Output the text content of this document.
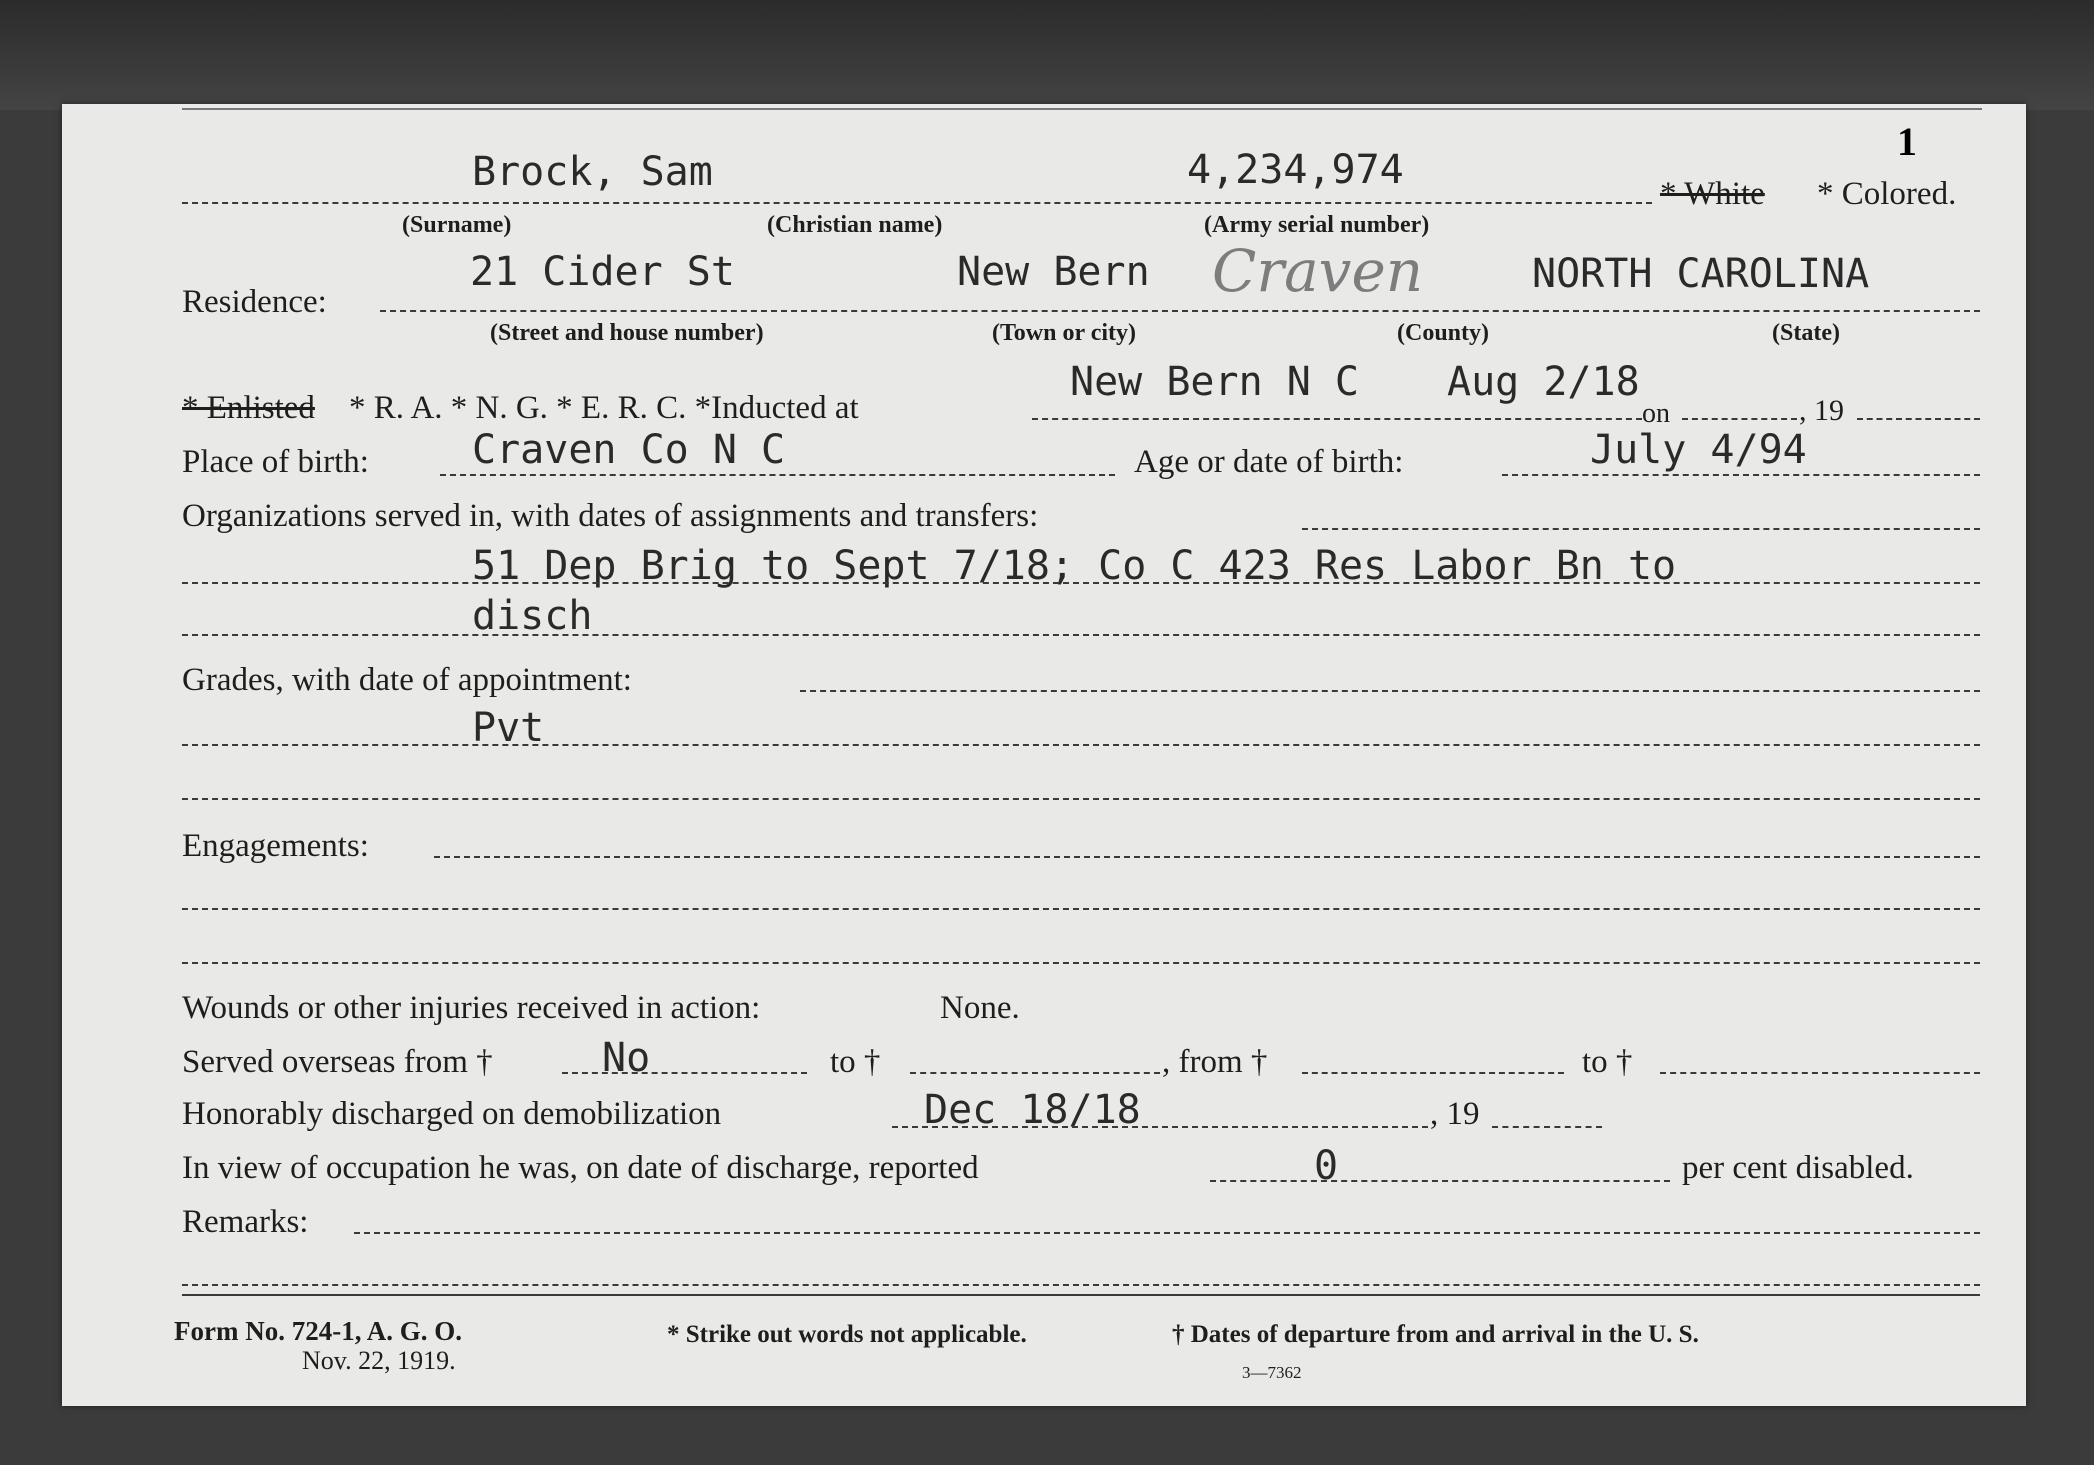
1
Brock, Sam	4,234,974
* White * Colored.
(Surname)	(Christian name)	(Army serial number)
Residence:
21 Cider St	New Bern Craven	NORTH CAROLINA
(Street and house number)	(Town or city)	(County)	(State)
* Enlisted * R. A. * N. G. * E. R. C. *Inducted at
New Bern N C Aug 2/18
on	, 19
Place of birth:	Craven Co N C	Age or date of birth:	July 4/94
Organizations served in, with dates of assignments and transfers:
51 Dep Brig to Sept 7/18; Co C 423 Res Labor Bn to
disch
Grades, with date of appointment:
Pvt
Engagements:
Wounds or other injuries received in action:	None.
Served overseas from †	No	to †	, from †	to †
Honorably discharged on demobilization	Dec 18/18	, 19
In view of occupation he was, on date of discharge, reported	0	per cent disabled.
Remarks:
Form No. 724-1, A. G. O.
Nov. 22, 1919.
* Strike out words not applicable.	† Dates of departure from and arrival in the U. S.
3—7362
